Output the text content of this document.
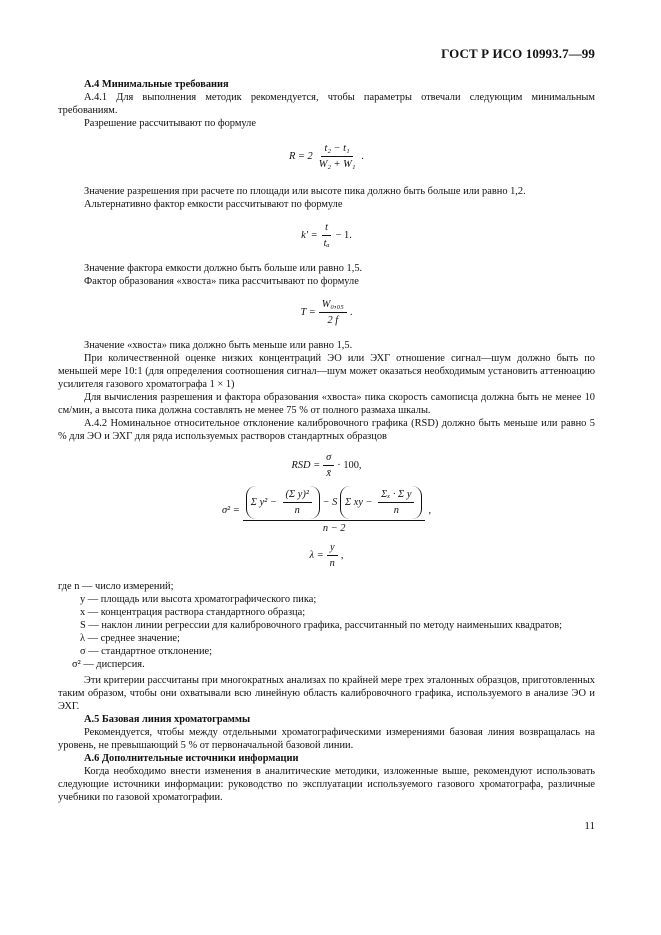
ГОСТ Р ИСО 10993.7—99

А.4 Минимальные требования

А.4.1 Для выполнения методик рекомендуется, чтобы параметры отвечали следующим минимальным требованиям.

Разрешение рассчитывают по формуле

$R = 2 \frac{\text{t₂ − t₁}}{\text{W₂ + W₁}}$ .

Значение разрешения при расчете по площади или высоте пика должно быть больше или равно 1,2.

Альтернативно фактор емкости рассчитывают по формуле

$k' = \frac{t}{\text{tₐ}} - 1$.

Значение фактора емкости должно быть больше или равно 1,5.

Фактор образования «хвоста» пика рассчитывают по формуле

$T = \frac{\text{W₀,₀₅}}{2 f}$ .

Значение «хвоста» пика должно быть меньше или равно 1,5.

При количественной оценке низких концентраций ЭО или ЭХГ отношение сигнал—шум должно быть по меньшей мере 10:1 (для определения соотношения сигнал—шум может оказаться необходимым установить аттенюацию усилителя газового хроматографа 1 × 1)

Для вычисления разрешения и фактора образования «хвоста» пика скорость самописца должна быть не менее 10 см/мин, а высота пика должна составлять не менее 75 % от полного размаха шкалы.

А.4.2 Номинальное относительное отклонение калибровочного графика (RSD) должно быть меньше или равно 5 % для ЭО и ЭХГ для ряда используемых растворов стандартных образцов

RSD = $\frac{\sigma}{x̄} \cdot 100$,
σ² =
Σ $y^2 - \frac{\text{(Σ y)²}}{n} - S$ Σ xy − $\frac{\text{Σₓ · Σ y}}{n}$
n − 2
,
$\lambda = \frac{y}{n}$ ,

где n — число измерений;

y — площадь или высота хроматографического пика;
x — концентрация раствора стандартного образца;
S — наклон линии регрессии для калибровочного графика, рассчитанный по методу наименьших квадратов;
λ — среднее значение;
σ — стандартное отклонение;
σ² — дисперсия.

Эти критерии рассчитаны при многократных анализах по крайней мере трех эталонных образцов, приготовленных таким образом, чтобы они охватывали всю линейную область калибровочного графика, используемого в анализе ЭО и ЭХГ.

А.5 Базовая линия хроматограммы

Рекомендуется, чтобы между отдельными хроматографическими измерениями базовая линия возвращалась на уровень, не превышающий 5 % от первоначальной базовой линии.

А.6 Дополнительные источники информации

Когда необходимо внести изменения в аналитические методики, изложенные выше, рекомендуют использовать следующие источники информации: руководство по эксплуатации используемого газового хроматографа, различные учебники по газовой хроматографии.

11
